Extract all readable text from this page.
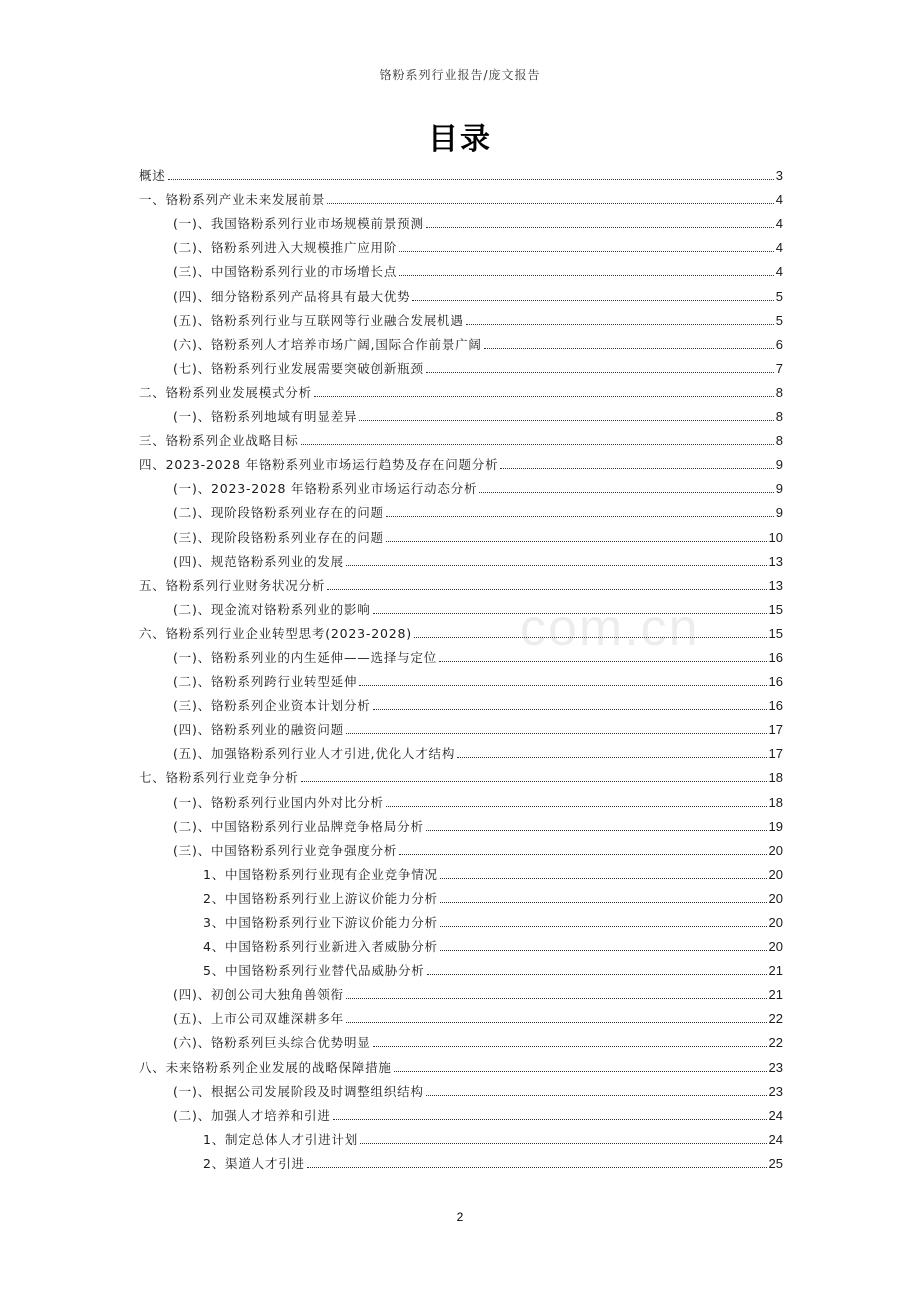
铬粉系列行业报告/庞文报告
目录
com.cn
概述	3
一、铬粉系列产业未来发展前景	4
(一)、我国铬粉系列行业市场规模前景预测	4
(二)、铬粉系列进入大规模推广应用阶	4
(三)、中国铬粉系列行业的市场增长点	4
(四)、细分铬粉系列产品将具有最大优势	5
(五)、铬粉系列行业与互联网等行业融合发展机遇	5
(六)、铬粉系列人才培养市场广阔,国际合作前景广阔	6
(七)、铬粉系列行业发展需要突破创新瓶颈	7
二、铬粉系列业发展模式分析	8
(一)、铬粉系列地域有明显差异	8
三、铬粉系列企业战略目标	8
四、2023-2028 年铬粉系列业市场运行趋势及存在问题分析	9
(一)、2023-2028 年铬粉系列业市场运行动态分析	9
(二)、现阶段铬粉系列业存在的问题	9
(三)、现阶段铬粉系列业存在的问题	10
(四)、规范铬粉系列业的发展	13
五、铬粉系列行业财务状况分析	13
(二)、现金流对铬粉系列业的影响	15
六、铬粉系列行业企业转型思考(2023-2028)	15
(一)、铬粉系列业的内生延伸——选择与定位	16
(二)、铬粉系列跨行业转型延伸	16
(三)、铬粉系列企业资本计划分析	16
(四)、铬粉系列业的融资问题	17
(五)、加强铬粉系列行业人才引进,优化人才结构	17
七、铬粉系列行业竞争分析	18
(一)、铬粉系列行业国内外对比分析	18
(二)、中国铬粉系列行业品牌竞争格局分析	19
(三)、中国铬粉系列行业竞争强度分析	20
1、中国铬粉系列行业现有企业竞争情况	20
2、中国铬粉系列行业上游议价能力分析	20
3、中国铬粉系列行业下游议价能力分析	20
4、中国铬粉系列行业新进入者威胁分析	20
5、中国铬粉系列行业替代品威胁分析	21
(四)、初创公司大独角兽领衔	21
(五)、上市公司双雄深耕多年	22
(六)、铬粉系列巨头综合优势明显	22
八、未来铬粉系列企业发展的战略保障措施	23
(一)、根据公司发展阶段及时调整组织结构	23
(二)、加强人才培养和引进	24
1、制定总体人才引进计划	24
2、渠道人才引进	25
2
